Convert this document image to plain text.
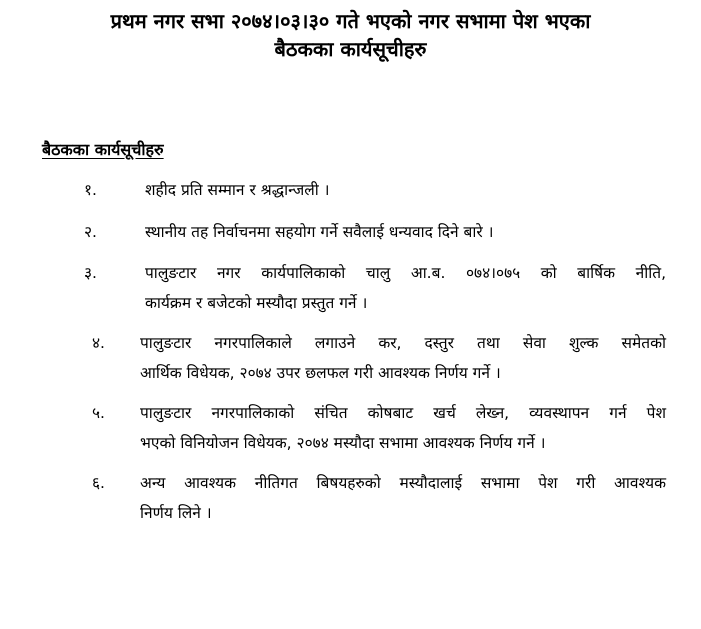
प्रथम नगर सभा २०७४।०३।३० गते भएको नगर सभामा पेश भएका
बैठकका कार्यसूचीहरु
बैठकका कार्यसूचीहरु
१.	शहीद प्रति सम्मान र श्रद्धान्जली ।
२.	स्थानीय तह निर्वाचनमा सहयोग गर्ने सवैलाई धन्यवाद दिने बारे ।
३.	पालुङटार नगर कार्यपालिकाको चालु आ.ब. ०७४।०७५ को बार्षिक नीति,
कार्यक्रम र बजेटको मस्यौदा प्रस्तुत गर्ने ।
४. पालुङटार नगरपालिकाले लगाउने कर, दस्तुर तथा सेवा शुल्क समेतको
आर्थिक विधेयक, २०७४ उपर छलफल गरी आवश्यक निर्णय गर्ने ।
५. पालुङटार नगरपालिकाको संचित कोषबाट खर्च लेख्न, व्यवस्थापन गर्न पेश
भएको विनियोजन विधेयक, २०७४ मस्यौदा सभामा आवश्यक निर्णय गर्ने ।
६. अन्य आवश्यक नीतिगत बिषयहरुको मस्यौदालाई सभामा पेश गरी आवश्यक
निर्णय लिने ।
